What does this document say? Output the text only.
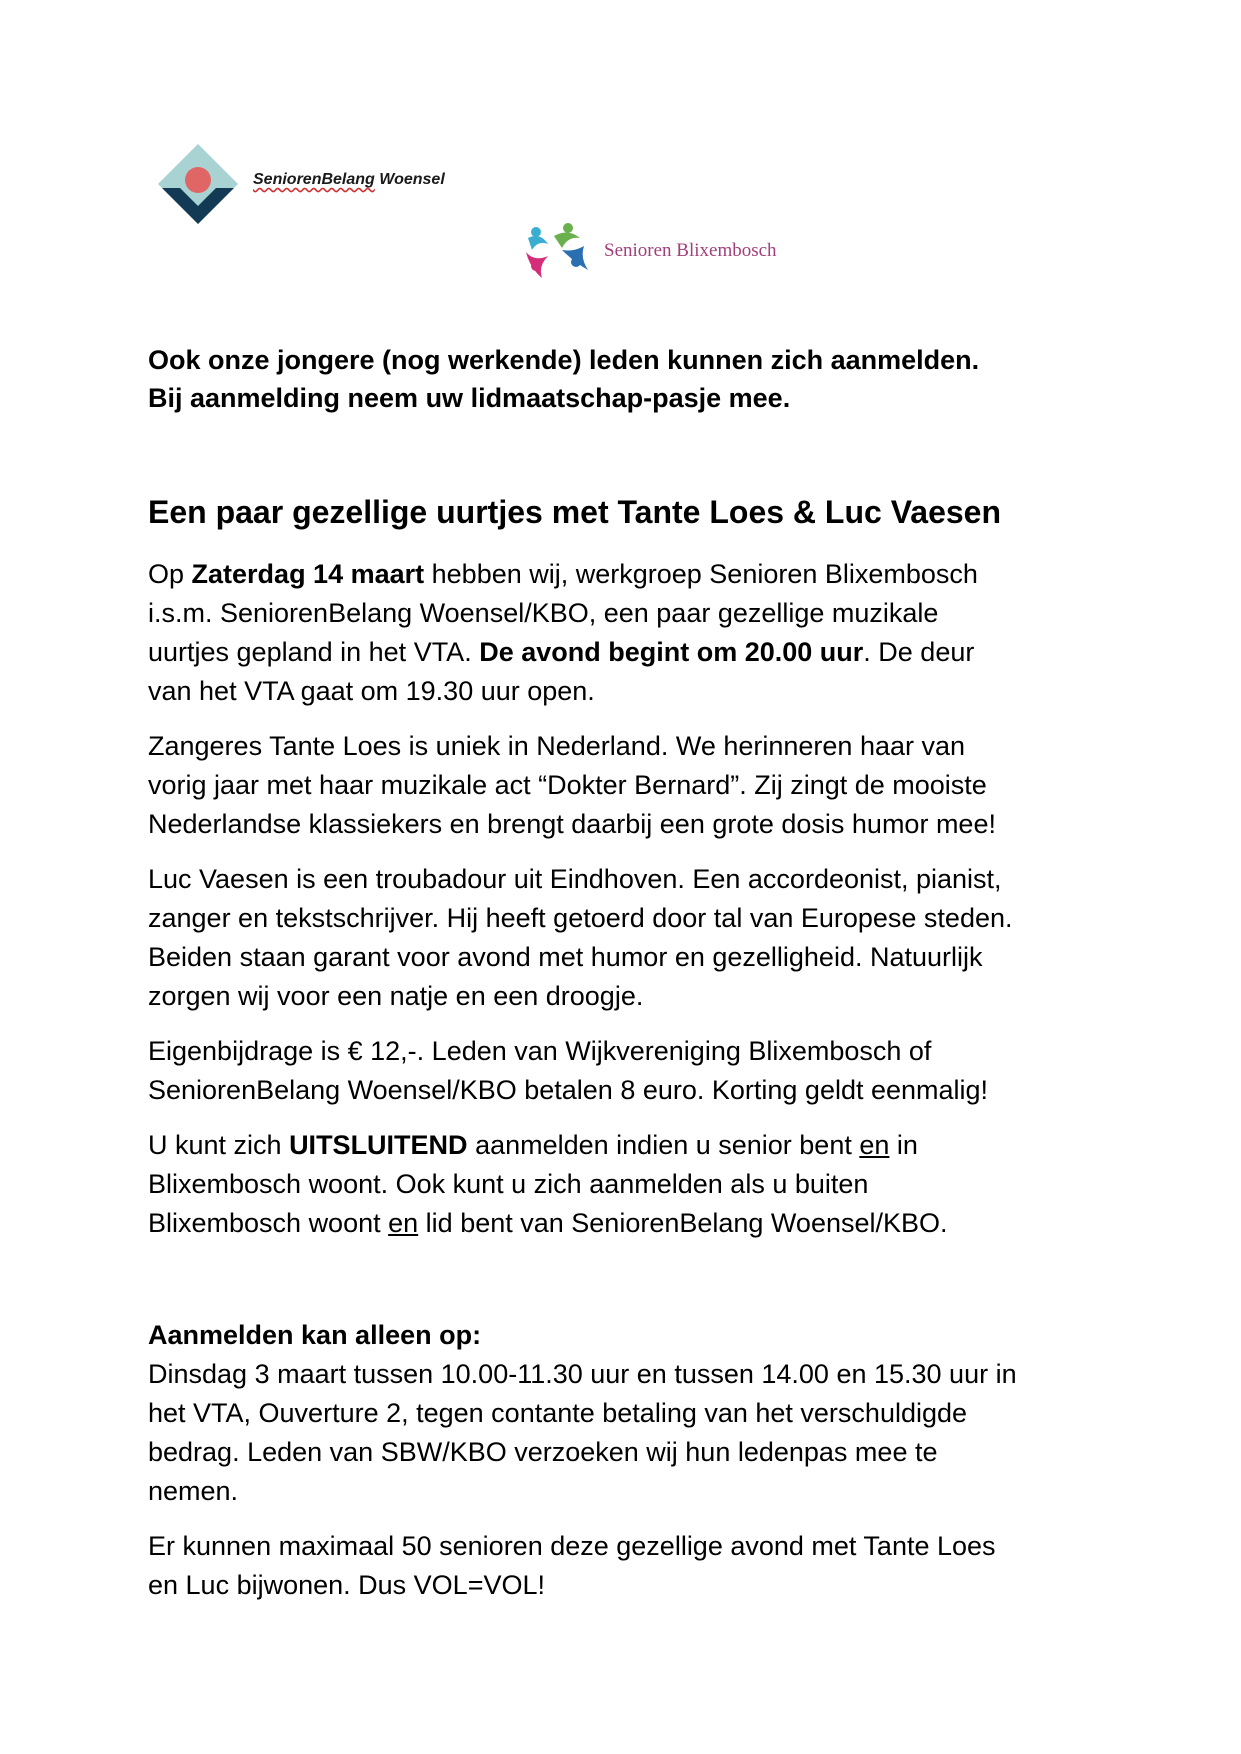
SeniorenBelang Woensel
Senioren Blixembosch
Ook onze jongere (nog werkende) leden kunnen zich aanmelden.
Bij aanmelding neem uw lidmaatschap-pasje mee.
Een paar gezellige uurtjes met Tante Loes & Luc Vaesen

Op Zaterdag 14 maart hebben wij, werkgroep Senioren Blixembosch
i.s.m. SeniorenBelang Woensel/KBO, een paar gezellige muzikale
uurtjes gepland in het VTA. De avond begint om 20.00 uur. De deur
van het VTA gaat om 19.30 uur open.

Zangeres Tante Loes is uniek in Nederland. We herinneren haar van
vorig jaar met haar muzikale act “Dokter Bernard”. Zij zingt de mooiste
Nederlandse klassiekers en brengt daarbij een grote dosis humor mee!

Luc Vaesen is een troubadour uit Eindhoven. Een accordeonist, pianist,
zanger en tekstschrijver. Hij heeft getoerd door tal van Europese steden.
Beiden staan garant voor avond met humor en gezelligheid. Natuurlijk
zorgen wij voor een natje en een droogje.

Eigenbijdrage is € 12,-. Leden van Wijkvereniging Blixembosch of
SeniorenBelang Woensel/KBO betalen 8 euro. Korting geldt eenmalig!

U kunt zich UITSLUITEND aanmelden indien u senior bent en in
Blixembosch woont. Ook kunt u zich aanmelden als u buiten
Blixembosch woont en lid bent van SeniorenBelang Woensel/KBO.

Aanmelden kan alleen op:
Dinsdag 3 maart tussen 10.00-11.30 uur en tussen 14.00 en 15.30 uur in
het VTA, Ouverture 2, tegen contante betaling van het verschuldigde
bedrag. Leden van SBW/KBO verzoeken wij hun ledenpas mee te
nemen.

Er kunnen maximaal 50 senioren deze gezellige avond met Tante Loes
en Luc bijwonen. Dus VOL=VOL!
